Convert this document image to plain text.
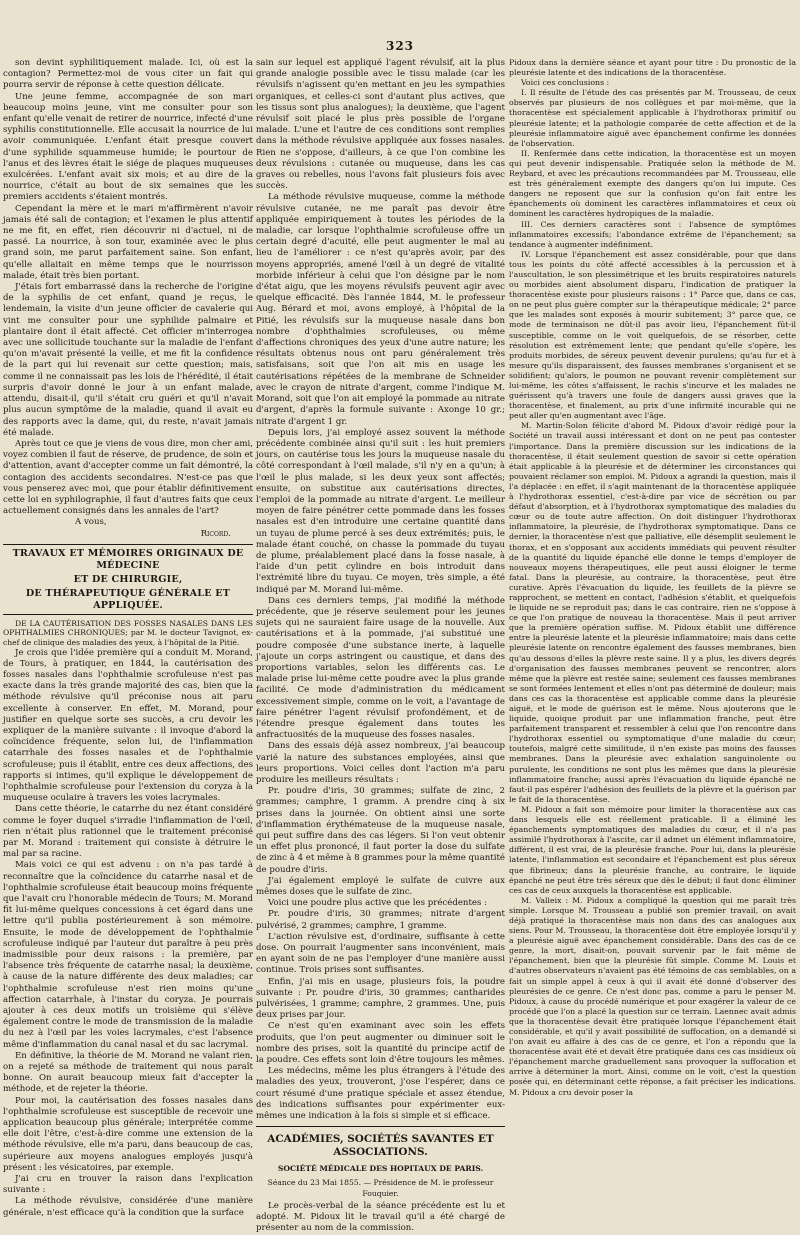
323

son devint syphilitiquement malade. Ici, où est la contagion? Permettez-moi de vous citer un fait qui pourra servir de réponse à cette question délicate.

Une jeune femme, accompagnée de son mari beaucoup moins jeune, vint me consulter pour son enfant qu'elle venait de retirer de nourrice, infecté d'une syphilis constitutionnelle. Elle accusait la nourrice de lui avoir communiquée. L'enfant était presque couvert d'une syphilide squammeuse humide; le pourtour de l'anus et des lèvres était le siége de plaques muqueuses exulcérées. L'enfant avait six mois; et au dire de la nourrice, c'était au bout de six semaines que les premiers accidents s'étaient montrés.

Cependant la mère et le mari m'affirmèrent n'avoir jamais été sali de contagion; et l'examen le plus attentif ne me fit, en effet, rien découvrir ni d'actuel, ni de passé. La nourrice, à son tour, examinée avec le plus grand soin, me parut parfaitement saine. Son enfant, qu'elle allaitait en même temps que le nourrisson malade, était très bien portant.

J'étais fort embarrassé dans la recherche de l'origine de la syphilis de cet enfant, quand je reçus, le lendemain, la visite d'un jeune officier de cavalerie qui vint me consulter pour une syphilide palmaire et plantaire dont il était affecté. Cet officier m'interrogea avec une sollicitude touchante sur la maladie de l'enfant qu'on m'avait présenté la veille, et me fit la confidence de la part qui lui revenait sur cette question; mais, comme il ne connaissait pas les lois de l'hérédité, il était surpris d'avoir donné le jour à un enfant malade, attendu, disait-il, qu'il s'était cru guéri et qu'il n'avait plus aucun symptôme de la maladie, quand il avait eu des rapports avec la dame, qui, du reste, n'avait jamais été malade.

Après tout ce que je viens de vous dire, mon cher ami, voyez combien il faut de réserve, de prudence, de soin et d'attention, avant d'accepter comme un fait démontré, la contagion des accidents secondaires. N'est-ce pas que vous penserez avec moi, que pour établir définitivement cette loi en syphilographie, il faut d'autres faits que ceux actuellement consignés dans les annales de l'art?

A vous,
Ricord.

TRAVAUX ET MÉMOIRES ORIGINAUX DE MÉDECINE
ET DE CHIRURGIE,
DE THÉRAPEUTIQUE GÉNÉRALE ET APPLIQUÉE.

DE LA CAUTÉRISATION DES FOSSES NASALES DANS LES OPHTHALMIES CHRONIQUES; par M. le docteur Tavignot, ex-chef de clinique des maladies des yeux, à l'hôpital de la Pitié.

Je crois que l'idée première qui a conduit M. Morand, de Tours, à pratiquer, en 1844, la cautérisation des fosses nasales dans l'ophthalmie scrofuleuse n'est pas exacte dans la très grande majorité des cas, bien que la méthode révulsive qu'il préconise nous ait paru excellente à conserver. En effet, M. Morand, pour justifier en quelque sorte ses succès, a cru devoir les expliquer de la manière suivante : il invoque d'abord la coïncidence fréquente, selon lui, de l'inflammation catarrhale des fosses nasales et de l'ophthalmie scrofuleuse; puis il établit, entre ces deux affections, des rapports si intimes, qu'il explique le développement de l'ophthalmie scrofuleuse pour l'extension du coryza à la muqueuse oculaire à travers les voies lacrymales.

Dans cette théorie, le catarrhe du nez étant considéré comme le foyer duquel s'irradie l'inflammation de l'œil, rien n'était plus rationnel que le traitement préconisé par M. Morand : traitement qui consiste à détruire le mal par sa racine.

Mais voici ce qui est advenu : on n'a pas tardé à reconnaître que la coïncidence du catarrhe nasal et de l'ophthalmie scrofuleuse était beaucoup moins fréquente que l'avait cru l'honorable médecin de Tours; M. Morand fit lui-même quelques concessions à cet égard dans une lettre qu'il publia postérieurement à son mémoire. Ensuite, le mode de développement de l'ophthalmie scrofuleuse indiqué par l'auteur dut paraître à peu près inadmissible pour deux raisons : la première, par l'absence très fréquente de catarrhe nasal; la deuxième, à cause de la nature différente des deux maladies; car l'ophthalmie scrofuleuse n'est rien moins qu'une affection catarrhale, à l'instar du coryza. Je pourrais ajouter à ces deux motifs un troisième qui s'élève également contre le mode de transmission de la maladie du nez à l'œil par les voies lacrymales, c'est l'absence même d'inflammation du canal nasal et du sac lacrymal.

En définitive, la théorie de M. Morand ne valant rien, on a rejeté sa méthode de traitement qui nous paraît bonne. On aurait beaucoup mieux fait d'accepter la méthode, et de rejeter la théorie.

Pour moi, la cautérisation des fosses nasales dans l'ophthalmie scrofuleuse est susceptible de recevoir une application beaucoup plus générale; interprétée comme elle doit l'être, c'est-à-dire comme une extension de la méthode révulsive, elle m'a paru, dans beaucoup de cas, supérieure aux moyens analogues employés jusqu'à présent : les vésicatoires, par exemple.

J'ai cru en trouver la raison dans l'explication suivante :

La méthode révulsive, considérée d'une manière générale, n'est efficace qu'à la condition que la surface

sain sur lequel est appliqué l'agent révulsif, ait la plus grande analogie possible avec le tissu malade (car les révulsifs n'agissent qu'en mettant en jeu les sympathies organiques, et celles-ci sont d'autant plus actives, que les tissus sont plus analogues); la deuxième, que l'agent révulsif soit placé le plus près possible de l'organe malade. L'une et l'autre de ces conditions sont remplies dans la méthode révulsive appliquée aux fosses nasales. Rien ne s'oppose, d'ailleurs, à ce que l'on combine les deux révulsions : cutanée ou muqueuse, dans les cas graves ou rebelles, nous l'avons fait plusieurs fois avec succès.

La méthode révulsive muqueuse, comme la méthode révulsive cutanée, ne me paraît pas devoir être appliquée empiriquement à toutes les périodes de la maladie, car lorsque l'ophthalmie scrofuleuse offre un certain degré d'acuité, elle peut augmenter le mal au lieu de l'améliorer : ce n'est qu'après avoir, par des moyens appropriés, amené l'œil à un degré de vitalité morbide inférieur à celui que l'on désigne par le nom d'état aigu, que les moyens révulsifs peuvent agir avec quelque efficacité. Dès l'année 1844, M. le professeur Aug. Bérard et moi, avons employé, à l'hôpital de la Pitié, les révulsifs sur la muqueuse nasale dans bon nombre d'ophthalmies scrofuleuses, ou même d'affections chroniques des yeux d'une autre nature; les résultats obtenus nous ont paru généralement très satisfaisans, soit que l'on ait mis en usage les cautérisations répétées de la membrane de Schneider avec le crayon de nitrate d'argent, comme l'indique M. Morand, soit que l'on ait employé la pommade au nitrate d'argent, d'après la formule suivante : Axonge 10 gr.; nitrate d'argent 1 gr.

Depuis lors, j'ai employé assez souvent la méthode précédente combinée ainsi qu'il suit : les huit premiers jours, on cautérise tous les jours la muqueuse nasale du côté correspondant à l'œil malade, s'il n'y en a qu'un; à l'œil le plus malade, si les deux yeux sont affectés; ensuite, on substitue aux cautérisations directes, l'emploi de la pommade au nitrate d'argent. Le meilleur moyen de faire pénétrer cette pommade dans les fosses nasales est d'en introduire une certaine quantité dans un tuyau de plume percé à ses deux extrémités; puis, le malade étant couché, on chasse la pommade du tuyau de plume, préalablement placé dans la fosse nasale, à l'aide d'un petit cylindre en bois introduit dans l'extrémité libre du tuyau. Ce moyen, très simple, a été indiqué par M. Morand lui-même.

Dans ces derniers temps, j'ai modifié la méthode précédente, que je réserve seulement pour les jeunes sujets qui ne sauraient faire usage de la nouvelle. Aux cautérisations et à la pommade, j'ai substitué une poudre composée d'une substance inerte, à laquelle j'ajoute un corps astringent ou caustique, et dans des proportions variables, selon les différents cas. Le malade prise lui-même cette poudre avec la plus grande facilité. Ce mode d'administration du médicament excessivement simple, comme on le voit, a l'avantage de faire pénétrer l'agent révulsif profondément, et de l'étendre presque également dans toutes les anfractuosités de la muqueuse des fosses nasales.

Dans des essais déjà assez nombreux, j'ai beaucoup varié la nature des substances employées, ainsi que leurs proportions. Voici celles dont l'action m'a paru produire les meilleurs résultats :

Pr. poudre d'iris, 30 grammes; sulfate de zinc, 2 grammes; camphre, 1 gramm. A prendre cinq à six prises dans la journée. On obtient ainsi une sorte d'inflammation érythémateuse de la muqueuse nasale, qui peut suffire dans des cas légers. Si l'on veut obtenir un effet plus prononcé, il faut porter la dose du sulfate de zinc à 4 et même à 8 grammes pour la même quantité de poudre d'iris.

J'ai également employé le sulfate de cuivre aux mêmes doses que le sulfate de zinc.

Voici une poudre plus active que les précédentes :

Pr. poudre d'iris, 30 grammes; nitrate d'argent pulvérisé, 2 grammes; camphre, 1 gramme.

L'action révulsive est, d'ordinaire, suffisante à cette dose. On pourrait l'augmenter sans inconvénient, mais en ayant soin de ne pas l'employer d'une manière aussi continue. Trois prises sont suffisantes.

Enfin, j'ai mis en usage, plusieurs fois, la poudre suivante : Pr. poudre d'iris, 30 grammes; cantharides pulvérisées, 1 gramme; camphre, 2 grammes. Une, puis deux prises par jour.

Ce n'est qu'en examinant avec soin les effets produits, que l'on peut augmenter ou diminuer soit le nombre des prises, soit la quantité du principe actif de la poudre. Ces effets sont loin d'être toujours les mêmes.

Les médecins, même les plus étrangers à l'étude des maladies des yeux, trouveront, j'ose l'espérer, dans ce court résumé d'une pratique spéciale et assez étendue, des indications suffisantes pour expérimenter eux-mêmes une indication à la fois si simple et si efficace.

ACADÉMIES, SOCIÉTÉS SAVANTES ET ASSOCIATIONS.
SOCIÉTÉ MÉDICALE DES HOPITAUX DE PARIS.
Séance du 23 Mai 1855. — Présidence de M. le professeur Fouquier.

Le procès-verbal de la séance précédente est lu et adopté. M. Pidoux lit le travail qu'il a été chargé de présenter au nom de la commission.

Pidoux dans la dernière séance et ayant pour titre : Du pronostic de la pleurésie latente et des indications de la thoracentèse.

Voici ces conclusions :

I. Il résulte de l'étude des cas présentés par M. Trousseau, de ceux observés par plusieurs de nos collègues et par moi-même, que la thoracentèse est spécialement applicable à l'hydrothorax primitif ou pleurésie latente; et la pathologie comparée de cette affection et de la pleurésie inflammatoire aiguë avec épanchement confirme les données de l'observation.

II. Renfermée dans cette indication, la thoracentèse est un moyen qui peut devenir indispensable. Pratiquée selon la méthode de M. Reybard, et avec les précautions recommandées par M. Trousseau, elle est très généralement exempte des dangers qu'on lui impute. Ces dangers ne reposent que sur la confusion qu'on fait entre les épanchements où dominent les caractères inflammatoires et ceux où dominent les caractères hydropiques de la maladie.

III. Ces derniers caractères sont : l'absence de symptômes inflammatoires excessifs; l'abondance extrême de l'épanchement; sa tendance à augmenter indéfiniment.

IV. Lorsque l'épanchement est assez considérable, pour que dans tous les points du côté affecté accessibles à la percussion et à l'auscultation, le son plessimétrique et les bruits respiratoires naturels ou morbides aient absolument disparu, l'indication de pratiquer la thoracentèse existe pour plusieurs raisons : 1° Parce que, dans ce cas, on ne peut plus guère compter sur la thérapeutique médicale; 2° parce que les malades sont exposés à mourir subitement; 3° parce que, ce mode de terminaison ne dût-il pas avoir lieu, l'épanchement fût-il susceptible, comme on le voit quelquefois, de se résorber, cette résolution est extrêmement lente; que pendant qu'elle s'opère, les produits morbides, de séreux peuvent devenir purulens; qu'au fur et à mesure qu'ils disparaissent, des fausses membranes s'organisent et se solidifient; qu'alors, le poumon ne pouvant revenir complètement sur lui-même, les côtes s'affaissent, le rachis s'incurve et les malades ne guérissent qu'à travers une foule de dangers aussi graves que la thoracentèse, et finalement, au prix d'une infirmité incurable qui ne peut aller qu'en augmentant avec l'âge.

M. Martin-Solon félicite d'abord M. Pidoux d'avoir rédigé pour la Société un travail aussi intéressant et dont on ne peut pas contester l'importance. Dans la première discussion sur les indications de la thoracentèse, il était seulement question de savoir si cette opération était applicable à la pleurésie et de déterminer les circonstances qui pouvaient réclamer son emploi. M. Pidoux a agrandi la question, mais il l'a déplacée : en effet, il s'agit maintenant de la thoracentèse appliquée à l'hydrothorax essentiel, c'est-à-dire par vice de sécrétion ou par défaut d'absorption, et à l'hydrothorax symptomatique des maladies du cœur ou de toute autre affection. On doit distinguer l'hydrothorax inflammatoire, la pleurésie, de l'hydrothorax symptomatique. Dans ce dernier, la thoracentèse n'est que palliative, elle désemplit seulement le thorax, et en s'opposant aux accidents immédiats qui peuvent résulter de la quantité du liquide épanché elle donne le temps d'employer de nouveaux moyens thérapeutiques, elle peut aussi éloigner le terme fatal. Dans la pleurésie, au contraire, la thoracentèse, peut être curative. Après l'évacuation du liquide, les feuillets de la plèvre se rapprochent, se mettent en contact, l'adhésion s'établit, et quelquefois le liquide ne se reproduit pas; dans le cas contraire, rien ne s'oppose à ce que l'on pratique de nouveau la thoracentèse. Mais il peut arriver que la première opération suffise. M. Pidoux établit une différence entre la pleurésie latente et la pleurésie inflammatoire; mais dans cette pleurésie latente on rencontre également des fausses membranes, bien qu'au dessous d'elles la plèvre reste saine. Il y a plus, les divers degrés d'organisation des fausses membranes peuvent se rencontrer, alors même que la plèvre est restée saine; seulement ces fausses membranes se sont formées lentement et elles n'ont pas déterminé de douleur; mais dans ces cas la thoracentèse est applicable comme dans la pleurésie aiguë, et le mode de guérison est le même. Nous ajouterons que le liquide, quoique produit par une inflammation franche, peut être parfaitement transparent et ressembler à celui que l'on rencontre dans l'hydrothorax essentiel ou symptomatique d'une maladie du cœur; toutefois, malgré cette similitude, il n'en existe pas moins des fausses membranes. Dans la pleurésie avec exhalation sanguinolente ou purulente, les conditions ne sont plus les mêmes que dans la pleurésie inflammatoire franche; aussi après l'évacuation du liquide épanché ne faut-il pas espérer l'adhésion des feuillets de la plèvre et la guérison par le fait de la thoracentèse.

M. Pidoux a fait son mémoire pour limiter la thoracentèse aux cas dans lesquels elle est réellement praticable. Il a éliminé les épanchements symptomatiques des maladies du cœur, et il n'a pas assimilé l'hydrothorax à l'ascite, car il admet un élément inflammatoire, différent, il est vrai, de la pleurésie franche. Pour lui, dans la pleurésie latente, l'inflammation est secondaire et l'épanchement est plus séreux que fibrineux; dans la pleurésie franche, au contraire, le liquide épanché ne peut être très séreux que dès le début; il faut donc éliminer ces cas de ceux auxquels la thoracentèse est applicable.

M. Valleix : M. Pidoux a compliqué la question qui me paraît très simple. Lorsque M. Trousseau a publié son premier travail, on avait déjà pratiqué la thoracentèse mais non dans des cas analogues aux siens. Pour M. Trousseau, la thoracentèse doit être employée lorsqu'il y a pleurésie aiguë avec épanchement considérable. Dans des cas de ce genre, la mort, disait-on, pouvait survenir par le fait même de l'épanchement, bien que la pleurésie fût simple. Comme M. Louis et d'autres observateurs n'avaient pas été témoins de cas semblables, on a fait un simple appel à ceux à qui il avait été donné d'observer des pleurésies de ce genre. Ce n'est donc pas, comme a paru le penser M. Pidoux, à cause du procédé numérique et pour exagérer la valeur de ce procédé que l'on a placé la question sur ce terrain. Laennec avait admis que la thoracentèse devait être pratiquée lorsque l'épanchement était considérable, et qu'il y avait possibilité de suffocation, on a demandé si l'on avait eu affaire à des cas de ce genre, et l'on a répondu que la thoracentèse avait été et devait être pratiquée dans ces cas insidieux où l'épanchement marche graduellement sans provoquer la suffocation et arrive à déterminer la mort. Ainsi, comme on le voit, c'est la question posée qui, en déterminant cette réponse, a fait préciser les indications. M. Pidoux a cru devoir poser la
